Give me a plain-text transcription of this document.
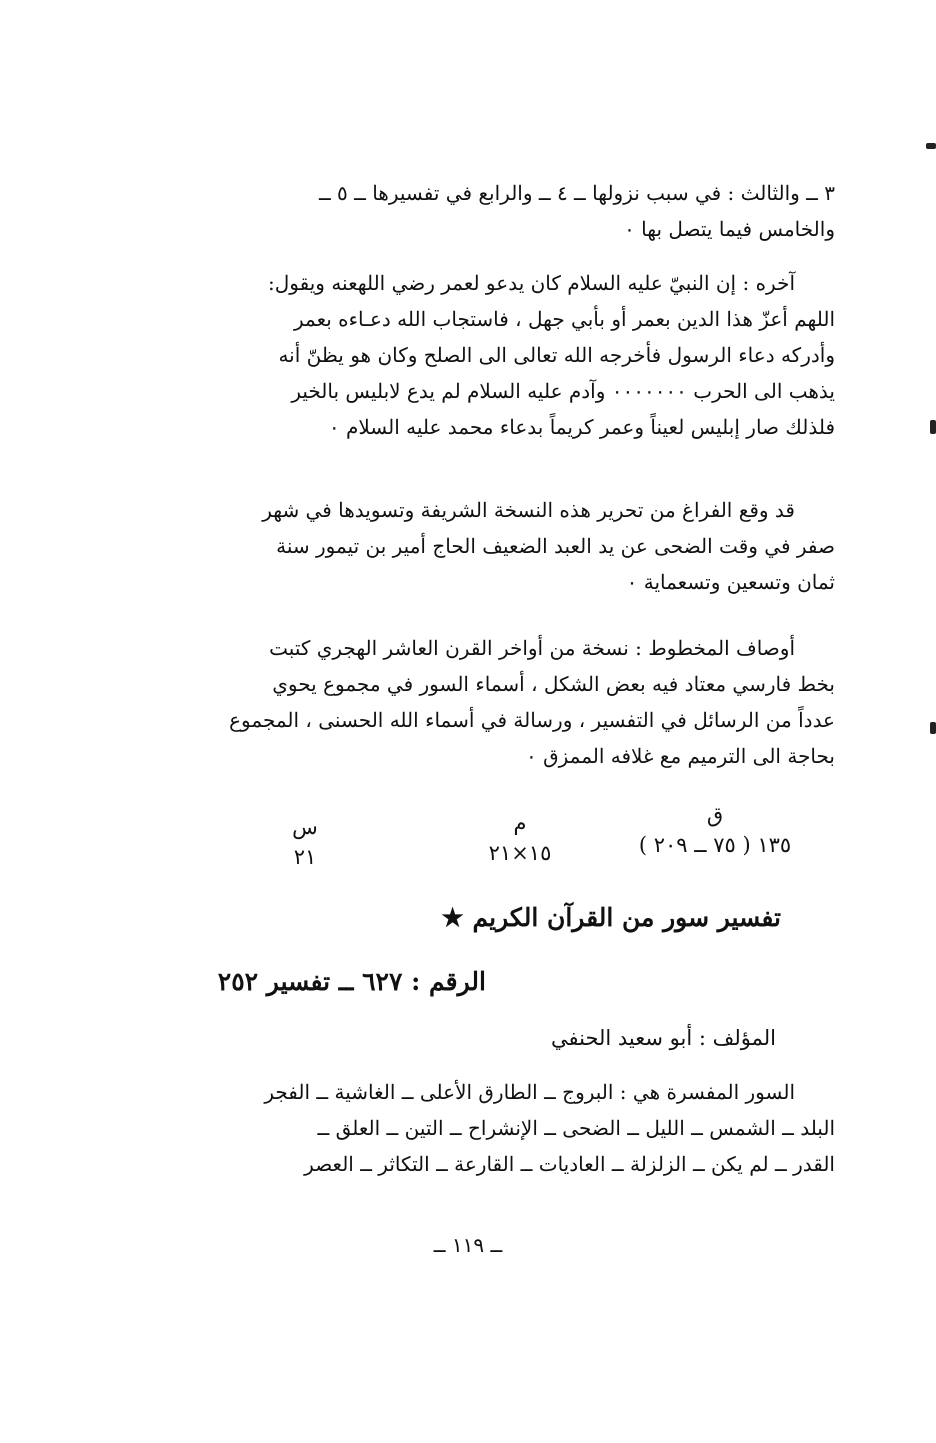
٣ ــ والثالث : في سبب نزولها ــ ٤ ــ والرابع في تفسيرها ــ ٥ ــ
والخامس فيما يتصل بها ٠
آخره : إن النبيّ عليه السلام كان يدعو لعمر رضي اللهعنه ويقول:
اللهم أعزّ هذا الدين بعمر أو بأبي جهل ، فاستجاب الله دعـاءه بعمر
وأدركه دعاء الرسول فأخرجه الله تعالى الى الصلح وكان هو يظنّ أنه
يذهب الى الحرب ٠٠٠٠٠٠٠ وآدم عليه السلام لم يدع لابليس بالخير
فلذلك صار إبليس لعيناً وعمر كريماً بدعاء محمد عليه السلام ٠
قد وقع الفراغ من تحرير هذه النسخة الشريفة وتسويدها في شهر
صفر في وقت الضحى عن يد العبد الضعيف الحاج أمير بن تيمور سنة
ثمان وتسعين وتسعماية ٠
أوصاف المخطوط : نسخة من أواخر القرن العاشر الهجري كتبت
بخط فارسي معتاد فيه بعض الشكل ، أسماء السور في مجموع يحوي
عدداً من الرسائل في التفسير ، ورسالة في أسماء الله الحسنى ، المجموع
بحاجة الى الترميم مع غلافه الممزق ٠
ق
١٣٥ ( ٧٥ ــ ٢٠٩ )
م
١٥×٢١
س
٢١
تفسير سور من القرآن الكريم ★
الرقم : ٦٢٧ ــ تفسير ٢٥٢
المؤلف : أبو سعيد الحنفي
السور المفسرة هي : البروج ــ الطارق الأعلى ــ الغاشية ــ الفجر
البلد ــ الشمس ــ الليل ــ الضحى ــ الإنشراح ــ التين ــ العلق ــ
القدر ــ لم يكن ــ الزلزلة ــ العاديات ــ القارعة ــ التكاثر ــ العصر
ــ ١١٩ ــ
